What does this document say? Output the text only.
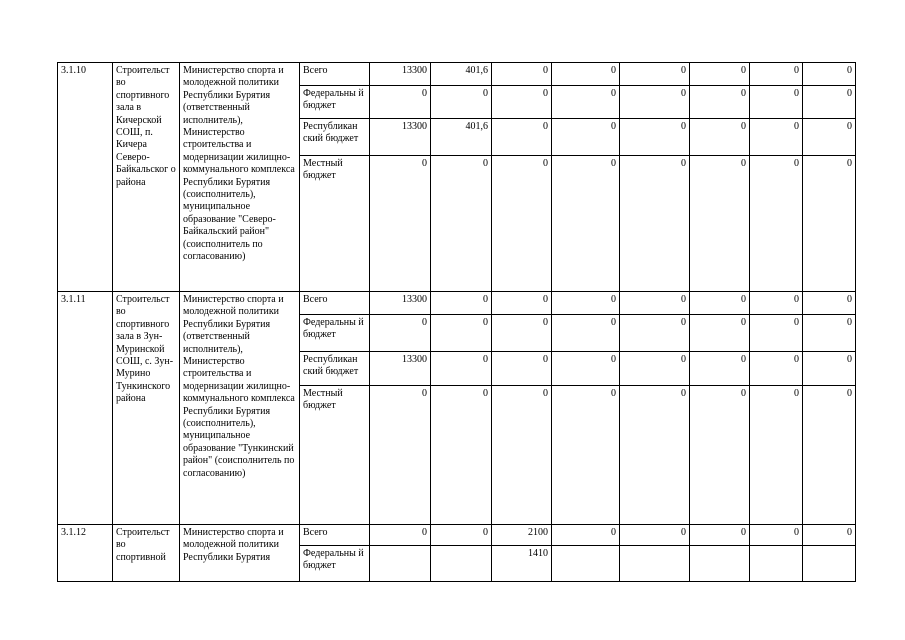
3.1.10	Строительст во спортивного зала в Кичерской СОШ, п. Кичера Северо-Байкальског о района	Министерство спорта и молодежной политики Республики Бурятия (ответственный исполнитель), Министерство строительства и модернизации жилищно-коммунального комплекса Республики Бурятия (соисполнитель), муниципальное образование "Северо-Байкальский район" (соисполнитель по согласованию)	Всего	13300	401,6	0	0	0	0	0	0
			Федеральны й бюджет	0	0	0	0	0	0	0	0
			Республикан ский бюджет	13300	401,6	0	0	0	0	0	0
			Местный бюджет	0	0	0	0	0	0	0	0
3.1.11	Строительст во спортивного зала в Зун-Муринской СОШ, с. Зун-Мурино Тункинского района	Министерство спорта и молодежной политики Республики Бурятия (ответственный исполнитель), Министерство строительства и модернизации жилищно-коммунального комплекса Республики Бурятия (соисполнитель), муниципальное образование "Тункинский район" (соисполнитель по согласованию)	Всего	13300	0	0	0	0	0	0	0
			Федеральны й бюджет	0	0	0	0	0	0	0	0
			Республикан ский бюджет	13300	0	0	0	0	0	0	0
			Местный бюджет	0	0	0	0	0	0	0	0
3.1.12	Строительст во спортивной	Министерство спорта и молодежной политики Республики Бурятия	Всего	0	0	2100	0	0	0	0	0
			Федеральны й бюджет			1410					
